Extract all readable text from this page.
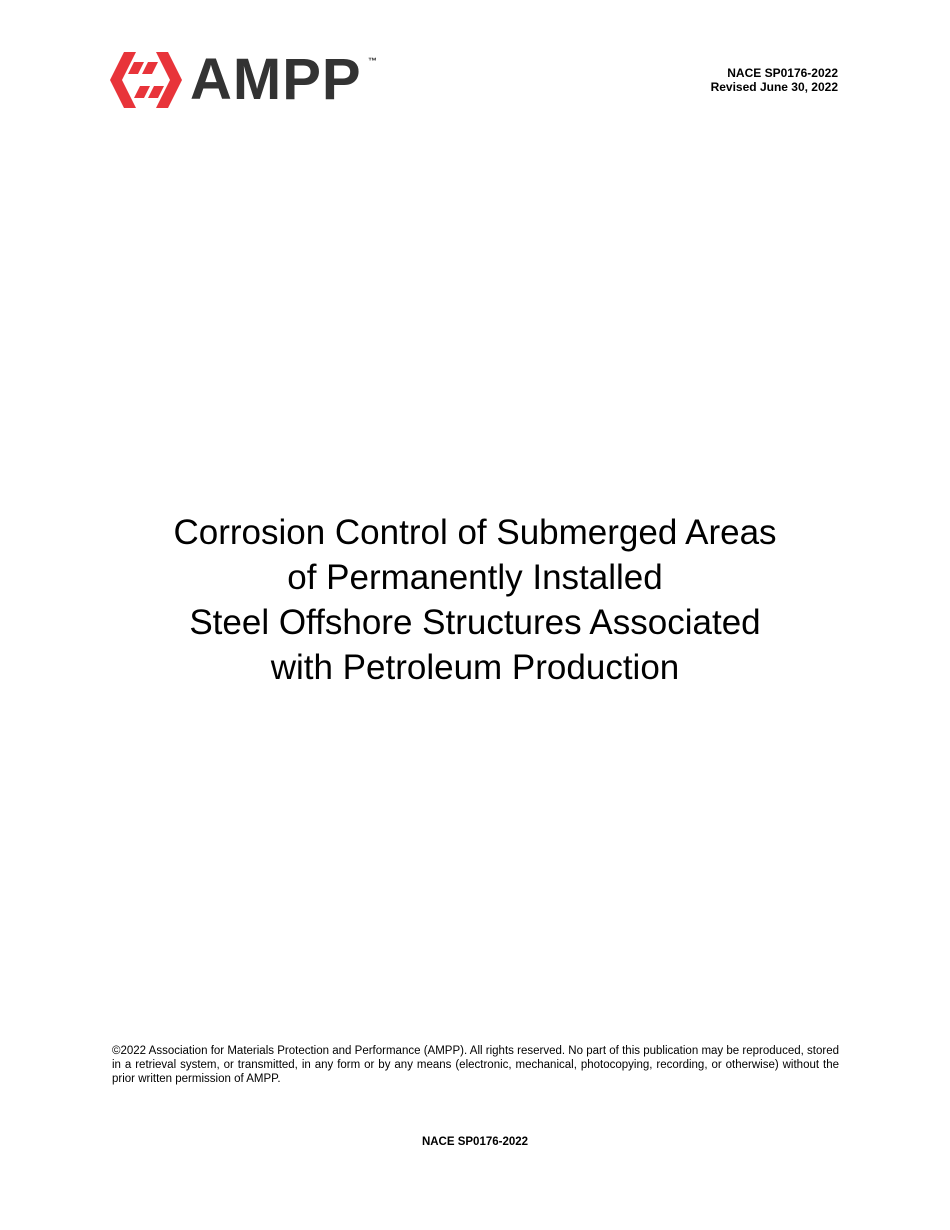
AMPP ™
NACE SP0176-2022
Revised June 30, 2022
Corrosion Control of Submerged Areas
of Permanently Installed
Steel Offshore Structures Associated
with Petroleum Production
©2022 Association for Materials Protection and Performance (AMPP). All rights reserved. No part of this publication may be reproduced, stored in a retrieval system, or transmitted, in any form or by any means (electronic, mechanical, photocopying, recording, or otherwise) without the prior written permission of AMPP.
NACE SP0176-2022
